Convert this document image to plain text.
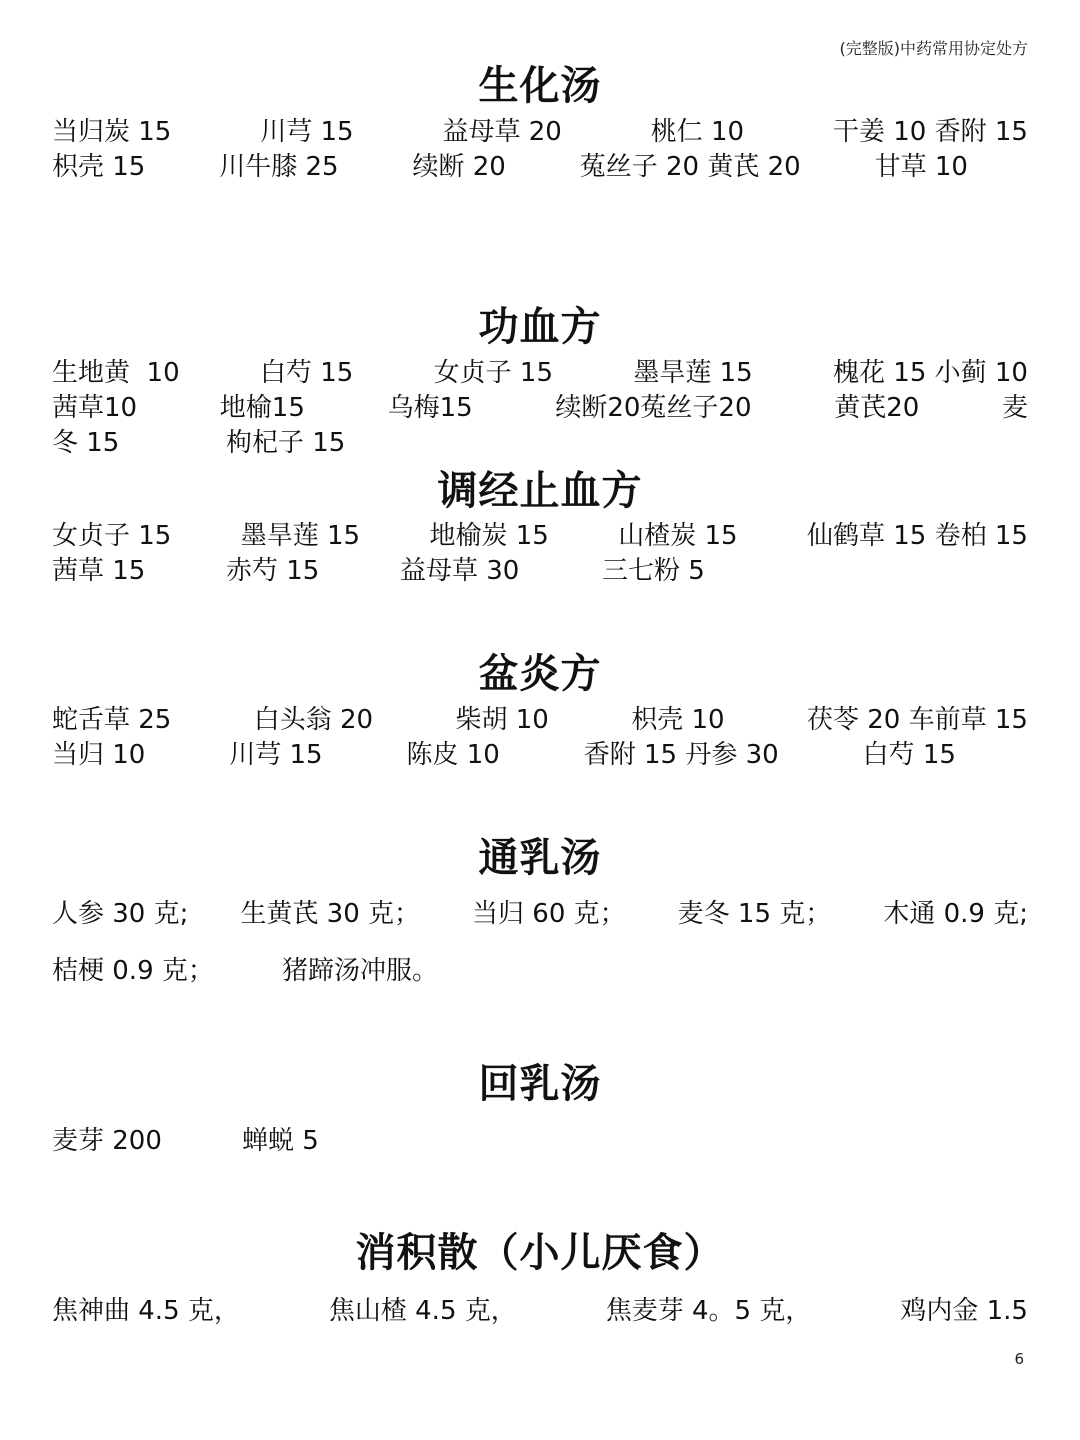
(完整版)中药常用协定处方
生化汤
当归炭 15	川芎 15	益母草 20	桃仁 10	干姜 10 香附 15
枳壳 15	川牛膝 25	续断 20	菟丝子 20 黄芪 20	甘草 10
功血方
生地黄  10	白芍 15	女贞子 15	墨旱莲 15	槐花 15 小蓟 10
茜草10	地榆15	乌梅15	续断20菟丝子20	黄芪20	麦
冬 15	枸杞子 15
调经止血方
女贞子 15	墨旱莲 15	地榆炭 15	山楂炭 15	仙鹤草 15 卷柏 15
茜草 15	赤芍 15	益母草 30	三七粉 5
盆炎方
蛇舌草 25	白头翁 20	柴胡 10	枳壳 10	茯苓 20 车前草 15
当归 10	川芎 15	陈皮 10	香附 15 丹参 30	白芍 15
通乳汤
人参 30 克; 生黄芪 30 克； 当归 60 克； 麦冬 15 克； 木通 0.9 克;
桔梗 0.9 克；	猪蹄汤冲服。
回乳汤
麦芽 200	蝉蜕 5
消积散（小儿厌食）
焦神曲 4.5 克，	焦山楂 4.5 克，	焦麦芽 4。5 克，	鸡内金 1.5
6
